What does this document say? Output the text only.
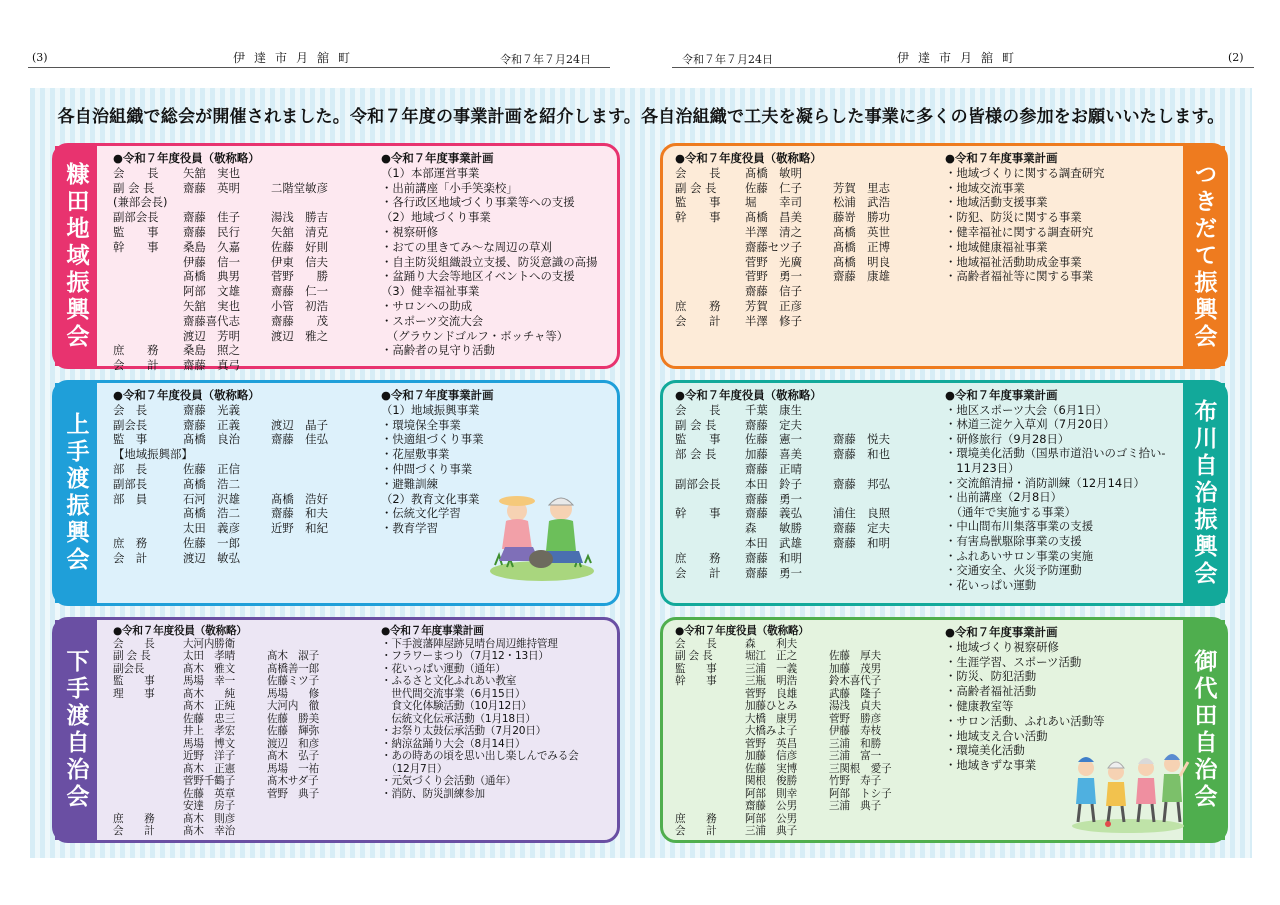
(3)	伊達市月舘町	令和７年７月24日	令和７年７月24日	伊達市月舘町	(2)
各自治組織で総会が開催されました。令和７年度の事業計画を紹介します。各自治組織で工夫を凝らした事業に多くの皆様の参加をお願いいたします。
糠田地域振興会
●令和７年度役員（敬称略）
会　　長	矢舘　実也
副 会 長	齋藤　英明	二階堂敏彦
(兼部会長)
副部会長	齋藤　佳子	湯浅　勝吉
監　　事	齋藤　民行	矢舘　清克
幹　　事	桑島　久嘉	佐藤　好則
伊藤　信一	伊東　信夫
髙橋　典男	菅野　　勝
阿部　文雄	齋藤　仁一
矢舘　実也	小管　初浩
齋藤喜代志	齋藤　　茂
渡辺　芳明	渡辺　雅之
庶　　務	桑島　照之
会　　計	齋藤　真弓
●令和７年度事業計画
（1）本部運営事業
・出前講座「小手笑楽校」
・各行政区地域づくり事業等への支援
（2）地域づくり事業
・視察研修
・おての里きてみ～な周辺の草刈
・自主防災組織設立支援、防災意識の高揚
・盆踊り大会等地区イベントへの支援
（3）健幸福祉事業
・サロンへの助成
・スポーツ交流大会
　（グラウンドゴルフ・ボッチャ等）
・高齢者の見守り活動
上手渡振興会
●令和７年度役員（敬称略）
会　長	齋藤　光義
副会長	齋藤　正義	渡辺　晶子
監　事	髙橋　良治	齋藤　佳弘
【地域振興部】
部　長	佐藤　正信
副部長	髙橋　浩二
部　員	石河　沢雄	髙橋　浩好
髙橋　浩二	齋藤　和夫
太田　義彦	近野　和紀
庶　務	佐藤　一郎
会　計	渡辺　敏弘
●令和７年度事業計画
（1）地域振興事業
・環境保全事業
・快適組づくり事業
・花屋敷事業
・仲間づくり事業
・避難訓練
（2）教育文化事業
・伝統文化学習
・教育学習
下手渡自治会
●令和７年度役員（敬称略）
会　　長	大河内勝衛
副 会 長	太田　孝晴	髙木　淑子
副会長	髙木　雅文	髙橋善一郎
監　　事	馬場　幸一	佐藤ミツ子
理　　事	髙木　　純	馬場　　修
髙木　正純	大河内　徹
佐藤　忠三	佐藤　勝美
井上　孝宏	佐藤　輝弥
馬場　博文	渡辺　和彦
近野　洋子	髙木　弘子
髙木　正憲	馬場　一祐
菅野千鶴子	髙木サダ子
佐藤　英章	菅野　典子
安達　房子
庶　　務	髙木　則彦
会　　計	髙木　幸治
●令和７年度事業計画
・下手渡藩陣屋跡見晴台周辺維持管理
・フラワーまつり（7月12・13日）
・花いっぱい運動（通年）
・ふるさと文化ふれあい教室
　世代間交流事業（6月15日）
　食文化体験活動（10月12日）
　伝統文化伝承活動（1月18日）
・お祭り太鼓伝承活動（7月20日）
・納涼盆踊り大会（8月14日）
・あの時あの頃を思い出し楽しんでみる会
　（12月7日）
・元気づくり会活動（通年）
・消防、防災訓練参加
つきだて振興会
●令和７年度役員（敬称略）
会　　長	髙橋　敏明
副 会 長	佐藤　仁子	芳賀　里志
監　　事	堀　　幸司	松浦　武浩
幹　　事	髙橋　昌美	藤嵜　勝功
半澤　清之	髙橋　英世
齋藤セツ子	髙橋　正博
菅野　光廣	髙橋　明良
菅野　勇一	齋藤　康雄
齋藤　信子
庶　　務	芳賀　正彦
会　　計	半澤　修子
●令和７年度事業計画
・地域づくりに関する調査研究
・地域交流事業
・地域活動支援事業
・防犯、防災に関する事業
・健幸福祉に関する調査研究
・地域健康福祉事業
・地域福祉活動助成金事業
・高齢者福祉等に関する事業
布川自治振興会
●令和７年度役員（敬称略）
会　　長	千葉　康生
副 会 長	齋藤　定夫
監　　事	佐藤　憲一	齋藤　悦夫
部 会 長	加藤　喜美	齋藤　和也
齋藤　正晴
副部会長	本田　鈴子	齋藤　邦弘
齋藤　勇一
幹　　事	齋藤　義弘	浦住　良照
森　　敏勝	齋藤　定夫
本田　武雄	齋藤　和明
庶　　務	齋藤　和明
会　　計	齋藤　勇一
●令和７年度事業計画
・地区スポーツ大会（6月1日）
・林道三淀ケ入草刈（7月20日）
・研修旅行（9月28日）
・環境美化活動（国県市道沿いのゴミ拾い-
　11月23日）
・交流館清掃・消防訓練（12月14日）
・出前講座（2月8日）
　（通年で実施する事業）
・中山間布川集落事業の支援
・有害鳥獣駆除事業の支援
・ふれあいサロン事業の実施
・交通安全、火災予防運動
・花いっぱい運動
御代田自治会
●令和７年度役員（敬称略）
会　　長	森　　利夫
副 会 長	堀江　正之	佐藤　厚夫
監　　事	三浦　一義	加藤　茂男
幹　　事	三瓶　明浩	鈴木喜代子
菅野　良雄	武藤　隆子
加藤ひとみ	湯浅　貞夫
大橋　康男	菅野　勝彦
大橋みよ子	伊藤　寿枝
菅野　英昌	三浦　和勝
加藤　信彦	三浦　富一
佐藤　実博	三関根　愛子
関根　俊勝	竹野　寿子
阿部　則幸	阿部　トシ子
齋藤　公男	三浦　典子
庶　　務	阿部　公男
会　　計	三浦　典子
●令和７年度事業計画
・地域づくり視察研修
・生涯学習、スポーツ活動
・防災、防犯活動
・高齢者福祉活動
・健康教室等
・サロン活動、ふれあい活動等
・地域支え合い活動
・環境美化活動
・地域きずな事業
